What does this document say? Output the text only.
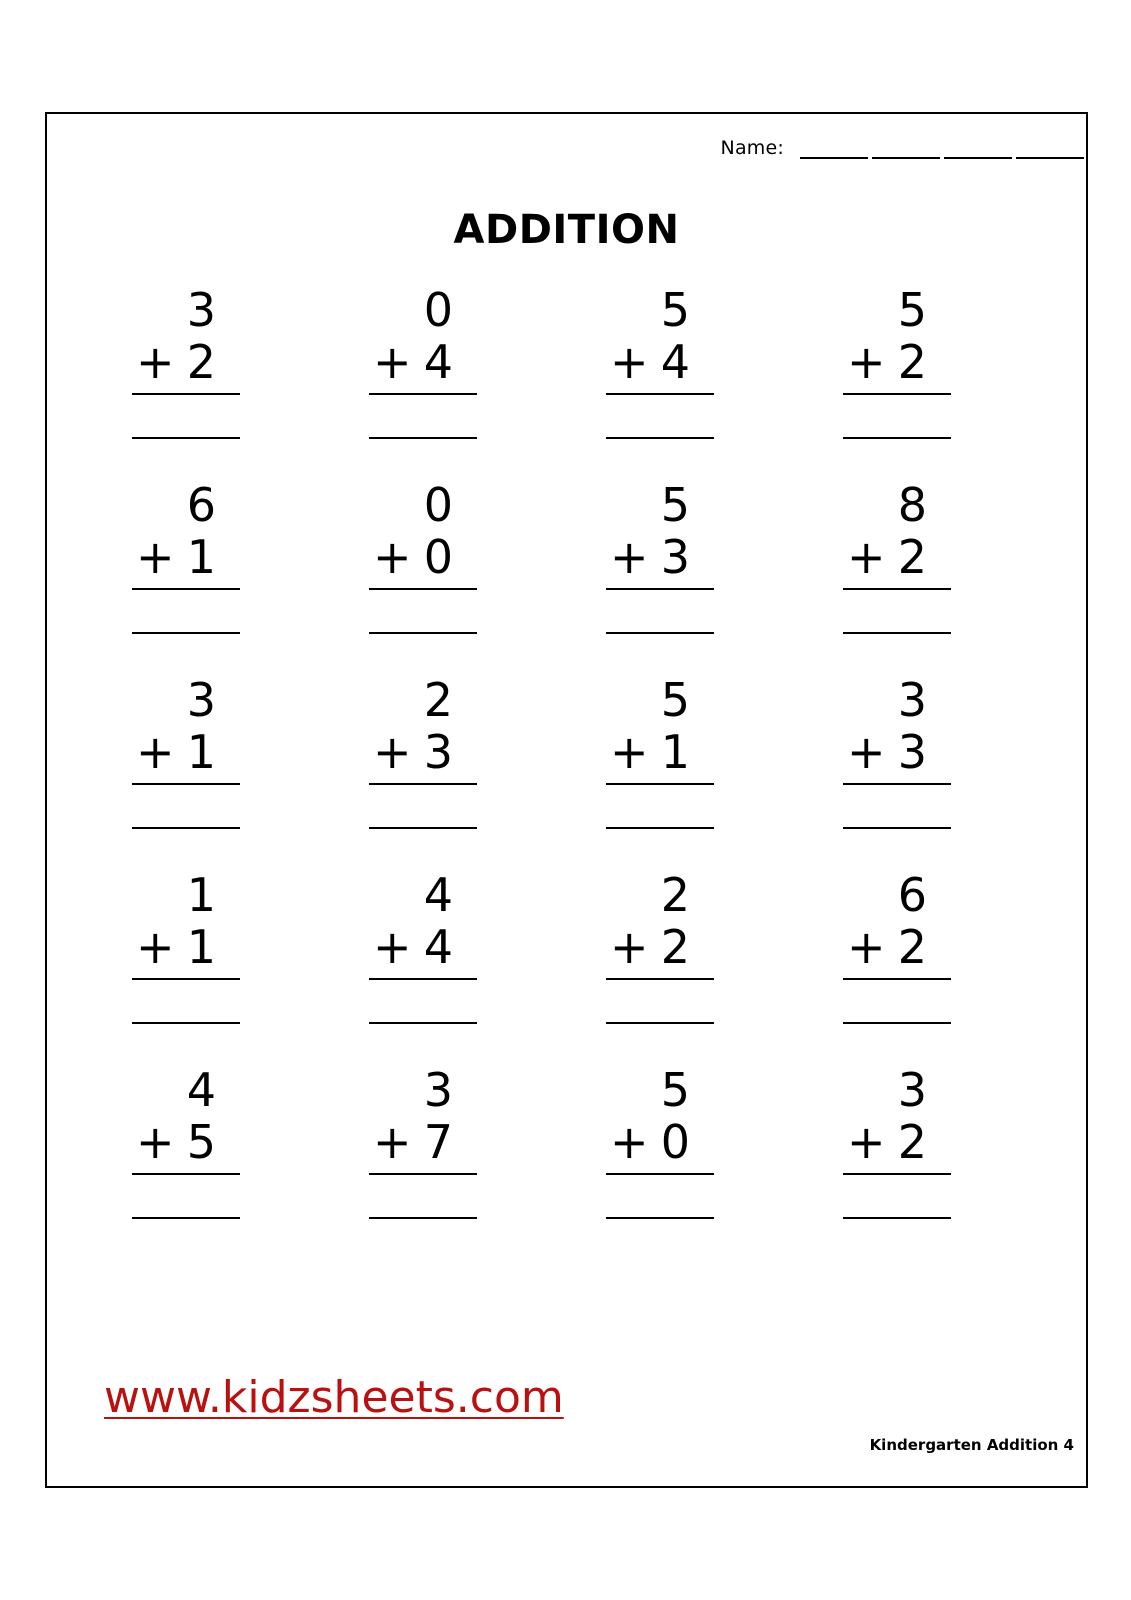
Name:
ADDITION
3
+ 2
0
+ 4
5
+ 4
5
+ 2
6
+ 1
0
+ 0
5
+ 3
8
+ 2
3
+ 1
2
+ 3
5
+ 1
3
+ 3
1
+ 1
4
+ 4
2
+ 2
6
+ 2
4
+ 5
3
+ 7
5
+ 0
3
+ 2
www.kidzsheets.com
Kindergarten Addition 4
